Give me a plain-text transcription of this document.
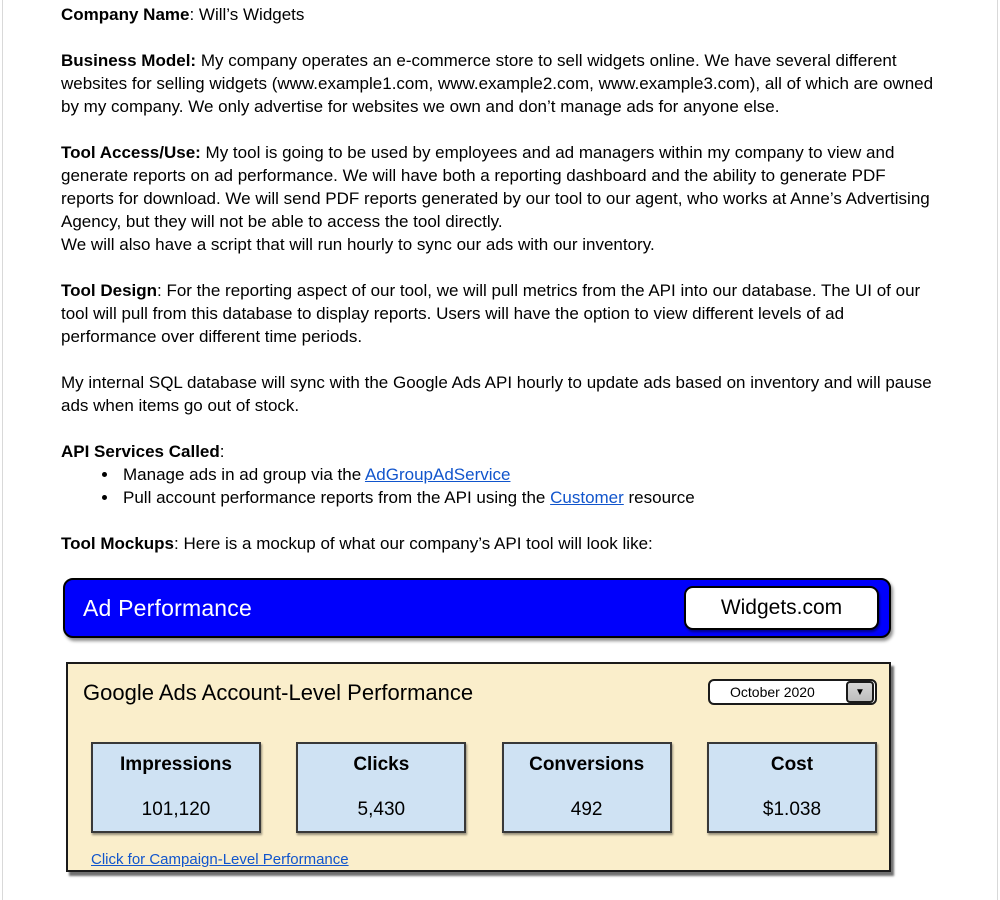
Company Name: Will’s Widgets

Business Model: My company operates an e-commerce store to sell widgets online. We have several different websites for selling widgets (www.example1.com, www.example2.com, www.example3.com), all of which are owned by my company. We only advertise for websites we own and don’t manage ads for anyone else.

Tool Access/Use: My tool is going to be used by employees and ad managers within my company to view and generate reports on ad performance. We will have both a reporting dashboard and the ability to generate PDF reports for download. We will send PDF reports generated by our tool to our agent, who works at Anne’s Advertising Agency, but they will not be able to access the tool directly.
We will also have a script that will run hourly to sync our ads with our inventory.

Tool Design: For the reporting aspect of our tool, we will pull metrics from the API into our database. The UI of our tool will pull from this database to display reports. Users will have the option to view different levels of ad performance over different time periods.

My internal SQL database will sync with the Google Ads API hourly to update ads based on inventory and will pause ads when items go out of stock.

API Services Called:

• Manage ads in ad group via the AdGroupAdService
• Pull account performance reports from the API using the Customer resource

Tool Mockups: Here is a mockup of what our company’s API tool will look like:

Ad Performance	Widgets.com
Google Ads Account-Level Performance	October 2020	▼
Impressions
101,120
Clicks
5,430
Conversions
492
Cost
$1.038
Click for Campaign-Level Performance
